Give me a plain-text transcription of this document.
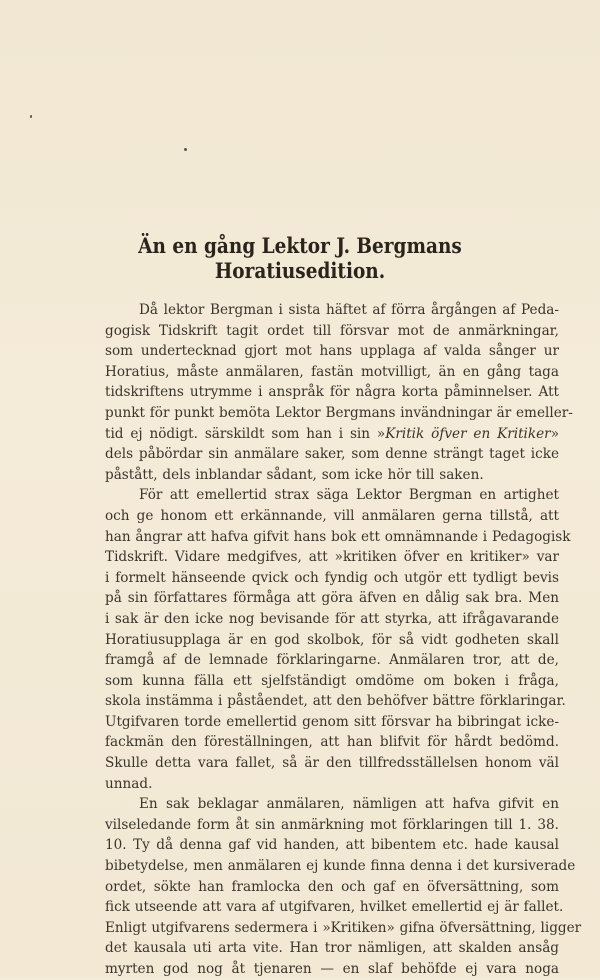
Än en gång Lektor J. Bergmans
Horatiusedition.
Då lektor Bergman i sista häftet af förra årgången af Peda-
gogisk Tidskrift tagit ordet till försvar mot de anmärkningar,
som undertecknad gjort mot hans upplaga af valda sånger ur
Horatius, måste anmälaren, fastän motvilligt, än en gång taga
tidskriftens utrymme i anspråk för några korta påminnelser. Att
punkt för punkt bemöta Lektor Bergmans invändningar är emeller-
tid ej nödigt. särskildt som han i sin »Kritik öfver en Kritiker»
dels påbördar sin anmälare saker, som denne strängt taget icke
påstått, dels inblandar sådant, som icke hör till saken.
För att emellertid strax säga Lektor Bergman en artighet
och ge honom ett erkännande, vill anmälaren gerna tillstå, att
han ångrar att hafva gifvit hans bok ett omnämnande i Pedagogisk
Tidskrift. Vidare medgifves, att »kritiken öfver en kritiker» var
i formelt hänseende qvick och fyndig och utgör ett tydligt bevis
på sin författares förmåga att göra äfven en dålig sak bra. Men
i sak är den icke nog bevisande för att styrka, att ifrågavarande
Horatiusupplaga är en god skolbok, för så vidt godheten skall
framgå af de lemnade förklaringarne. Anmälaren tror, att de,
som kunna fälla ett sjelfständigt omdöme om boken i fråga,
skola instämma i påståendet, att den behöfver bättre förklaringar.
Utgifvaren torde emellertid genom sitt försvar ha bibringat icke-
fackmän den föreställningen, att han blifvit för hårdt bedömd.
Skulle detta vara fallet, så är den tillfredsställelsen honom väl
unnad.
En sak beklagar anmälaren, nämligen att hafva gifvit en
vilseledande form åt sin anmärkning mot förklaringen till 1. 38.
10. Ty då denna gaf vid handen, att bibentem etc. hade kausal
bibetydelse, men anmälaren ej kunde finna denna i det kursiverade
ordet, sökte han framlocka den och gaf en öfversättning, som
fick utseende att vara af utgifvaren, hvilket emellertid ej är fallet.
Enligt utgifvarens sedermera i »Kritiken» gifna öfversättning, ligger
det kausala uti arta vite. Han tror nämligen, att skalden ansåg
myrten god nog åt tjenaren — en slaf behöfde ej vara noga
